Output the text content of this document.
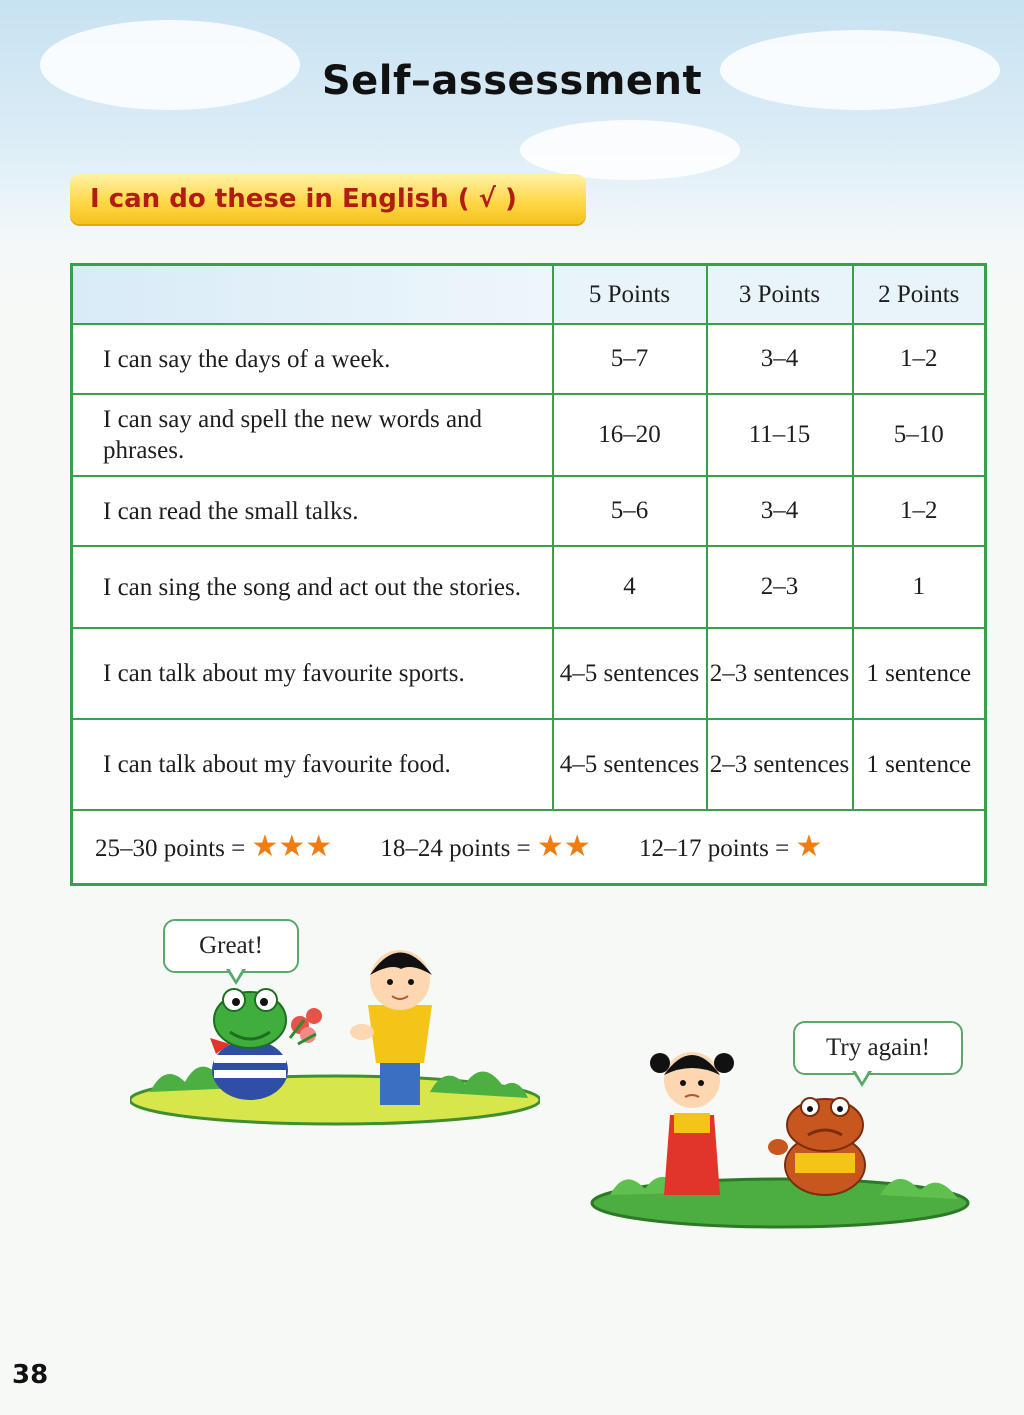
Self–assessment
I can do these in English ( √ )
	5 Points	3 Points	2 Points
I can say the days of a week.	5–7	3–4	1–2
I can say and spell the new words and phrases.	16–20	11–15	5–10
I can read the small talks.	5–6	3–4	1–2
I can sing the song and act out the stories.	4	2–3	1
I can talk about my favourite sports.	4–5 sentences	2–3 sentences	1 sentence
I can talk about my favourite food.	4–5 sentences	2–3 sentences	1 sentence
25–30 points = ★★★ 18–24 points = ★★ 12–17 points = ★			
Great!
Try again!
38
